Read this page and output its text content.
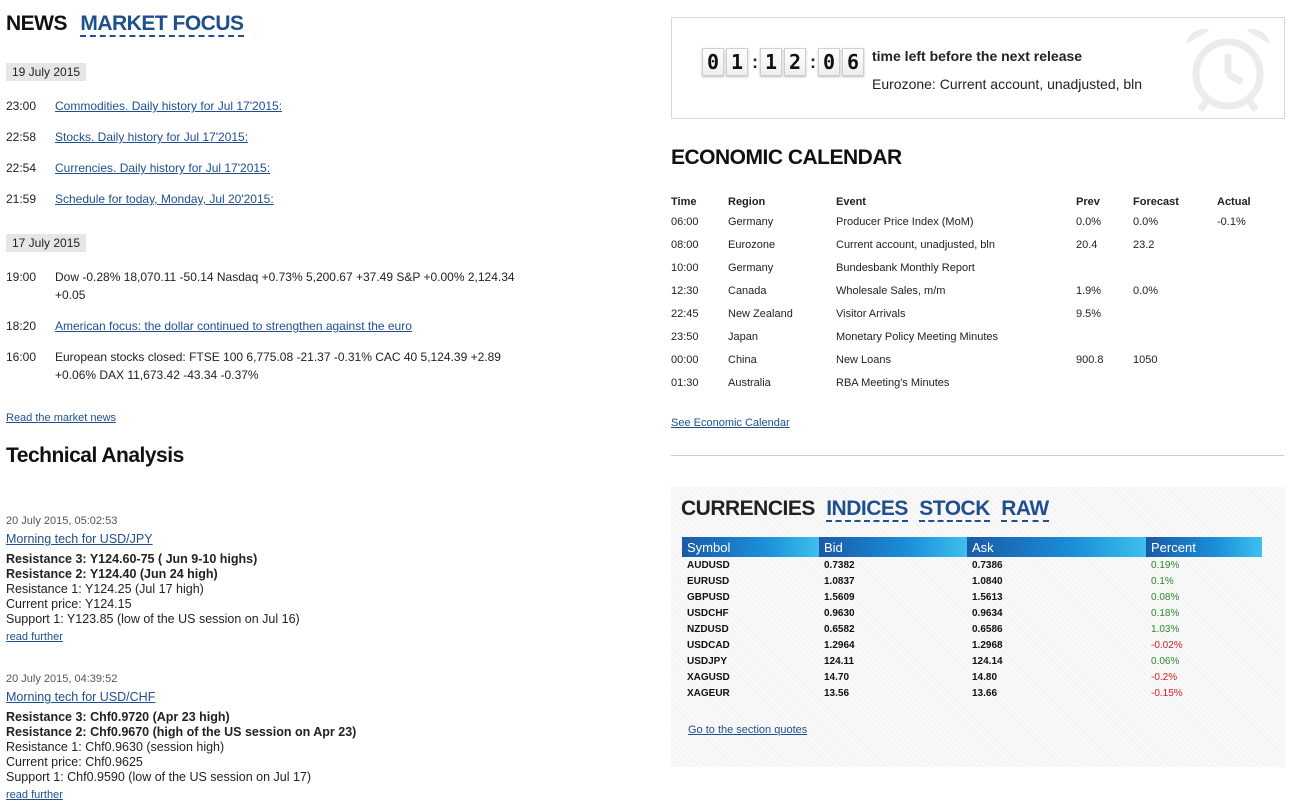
NEWS MARKET FOCUS
19 July 2015
23:00	Commodities. Daily history for Jul 17'2015:
22:58	Stocks. Daily history for Jul 17'2015:
22:54	Currencies. Daily history for Jul 17'2015:
21:59	Schedule for today, Monday, Jul 20'2015:
17 July 2015
19:00	Dow -0.28% 18,070.11 -50.14 Nasdaq +0.73% 5,200.67 +37.49 S&P +0.00% 2,124.34 +0.05
18:20	American focus: the dollar continued to strengthen against the euro
16:00	European stocks closed: FTSE 100 6,775.08 -21.37 -0.31% CAC 40 5,124.39 +2.89 +0.06% DAX 11,673.42 -43.34 -0.37%
Read the market news
Technical Analysis
20 July 2015, 05:02:53
Morning tech for USD/JPY
Resistance 3: Y124.60-75 ( Jun 9-10 highs)
Resistance 2: Y124.40 (Jun 24 high)
Resistance 1: Y124.25 (Jul 17 high)
Current price: Y124.15
Support 1: Y123.85 (low of the US session on Jul 16)
read further
20 July 2015, 04:39:52
Morning tech for USD/CHF
Resistance 3: Chf0.9720 (Apr 23 high)
Resistance 2: Chf0.9670 (high of the US session on Apr 23)
Resistance 1: Chf0.9630 (session high)
Current price: Chf0.9625
Support 1: Chf0.9590 (low of the US session on Jul 17)
read further
0 1 : 1 2 : 0 6 time left before the next release
Eurozone: Current account, unadjusted, bln
ECONOMIC CALENDAR
Time	Region	Event	Prev	Forecast	Actual
06:00	Germany	Producer Price Index (MoM)	0.0%	0.0%	-0.1%
08:00	Eurozone	Current account, unadjusted, bln	20.4	23.2	
10:00	Germany	Bundesbank Monthly Report			
12:30	Canada	Wholesale Sales, m/m	1.9%	0.0%	
22:45	New Zealand	Visitor Arrivals	9.5%		
23:50	Japan	Monetary Policy Meeting Minutes			
00:00	China	New Loans	900.8	1050	
01:30	Australia	RBA Meeting's Minutes			
See Economic Calendar
CURRENCIES INDICES STOCK RAW
Symbol	Bid	Ask	Percent
AUDUSD	0.7382	0.7386	0.19%
EURUSD	1.0837	1.0840	0.1%
GBPUSD	1.5609	1.5613	0.08%
USDCHF	0.9630	0.9634	0.18%
NZDUSD	0.6582	0.6586	1.03%
USDCAD	1.2964	1.2968	-0.02%
USDJPY	124.11	124.14	0.06%
XAGUSD	14.70	14.80	-0.2%
XAGEUR	13.56	13.66	-0.15%
Go to the section quotes
